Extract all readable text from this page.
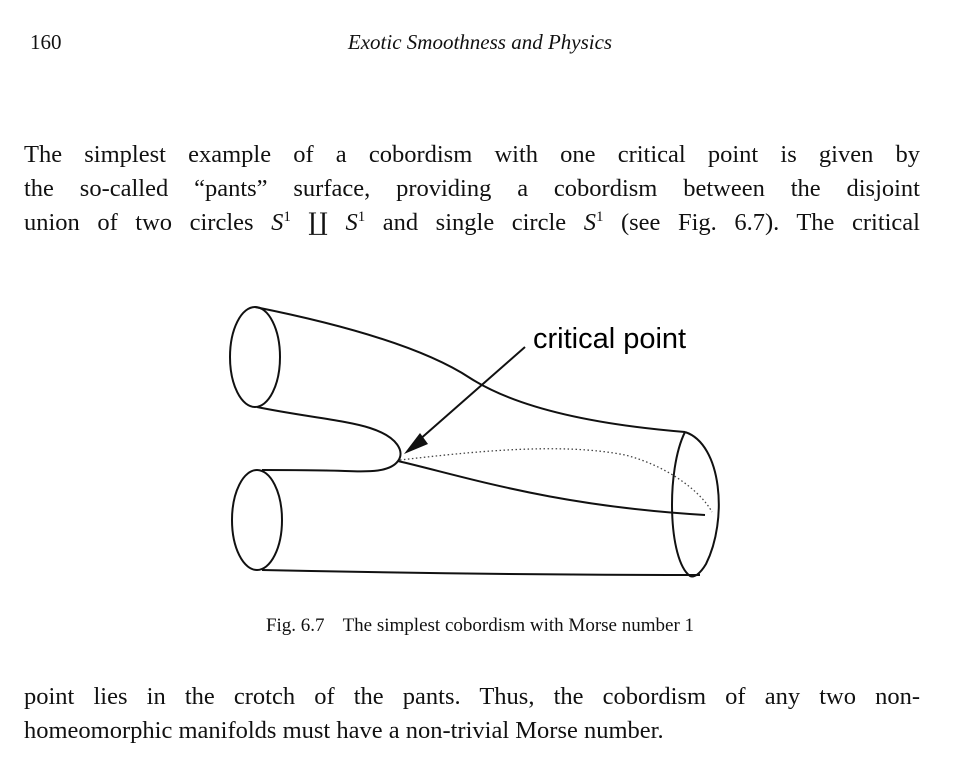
160	Exotic Smoothness and Physics
The simplest example of a cobordism with one critical point is given by
the so-called “pants” surface, providing a cobordism between the disjoint
union of two circles $S^1$ ∐ $S^1$ and single circle $S^1$ (see Fig. 6.7). The critical
critical point
Fig. 6.7 The simplest cobordism with Morse number 1
point lies in the crotch of the pants. Thus, the cobordism of any two non-
homeomorphic manifolds must have a non-trivial Morse number.
